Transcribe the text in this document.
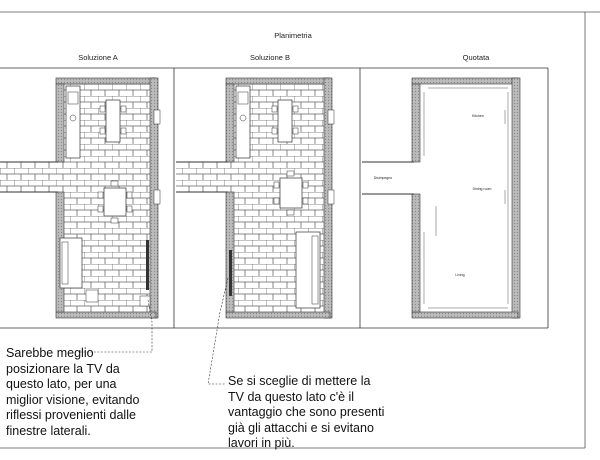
Planimetria
Soluzione A	Soluzione B	Quotata
Kitchen
Disimpegno
Dining room
Living
Sarebbe meglio
posizionare la TV da
questo lato, per una
miglior visione, evitando
riflessi provenienti dalle
finestre laterali.
Se si sceglie di mettere la
TV da questo lato c'è il
vantaggio che sono presenti
già gli attacchi e si evitano
lavori in più.
